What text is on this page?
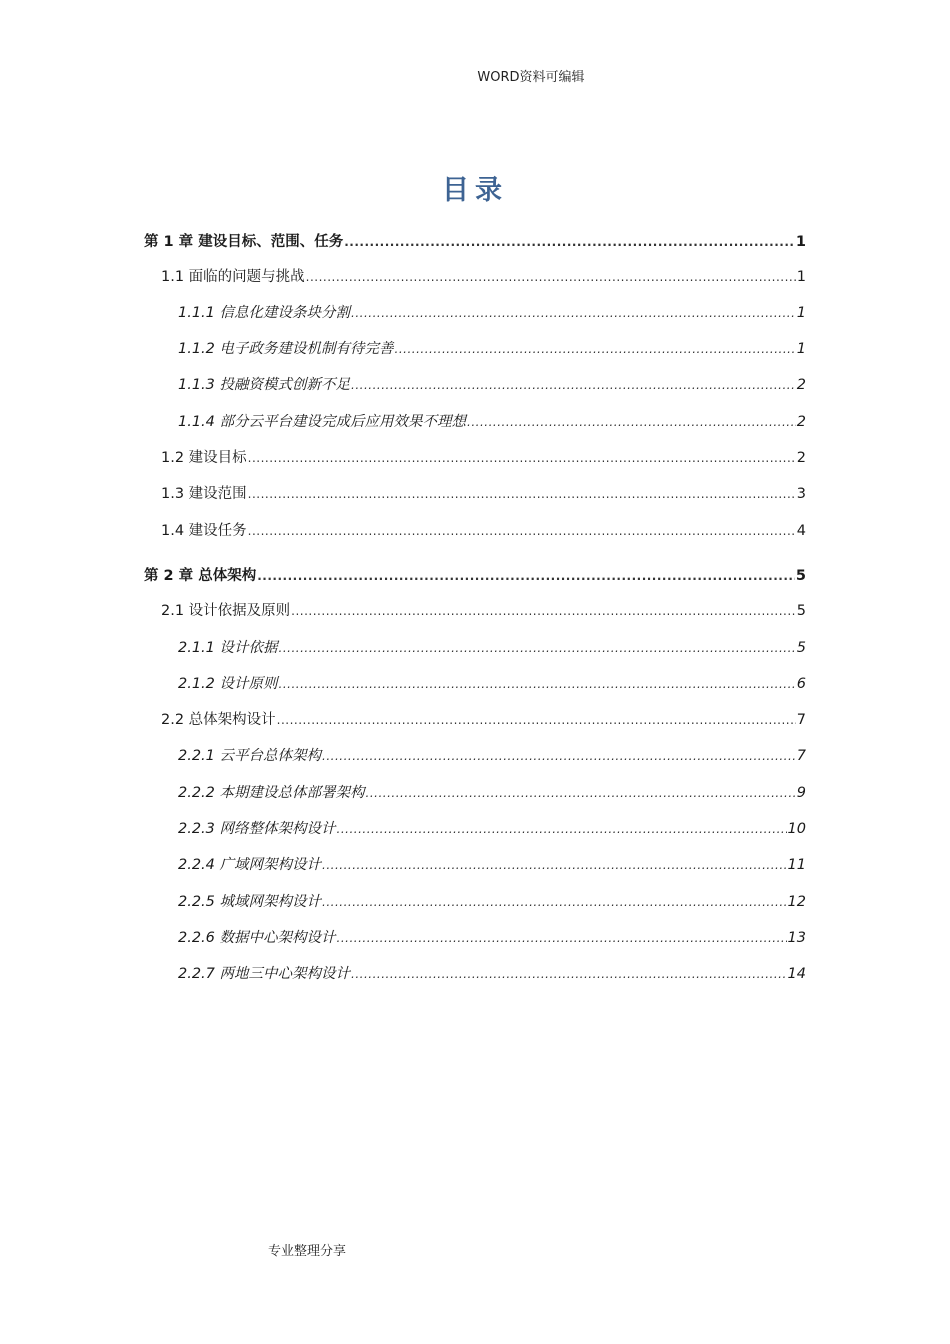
WORD资料可编辑
目录
第 1 章 建设目标、范围、任务 .....	1
1.1 面临的问题与挑战 .....	1
1.1.1 信息化建设条块分割 .....	1
1.1.2 电子政务建设机制有待完善 .....	1
1.1.3 投融资模式创新不足 .....	2
1.1.4 部分云平台建设完成后应用效果不理想 .....	2
1.2 建设目标 .....	2
1.3 建设范围 .....	3
1.4 建设任务 .....	4
第 2 章 总体架构 .....	5
2.1 设计依据及原则 .....	5
2.1.1 设计依据 .....	5
2.1.2 设计原则 .....	6
2.2 总体架构设计 .....	7
2.2.1 云平台总体架构 .....	7
2.2.2 本期建设总体部署架构 .....	9
2.2.3 网络整体架构设计 .....	10
2.2.4 广域网架构设计 .....	11
2.2.5 城域网架构设计 .....	12
2.2.6 数据中心架构设计 .....	13
2.2.7 两地三中心架构设计 .....	14
专业整理分享
